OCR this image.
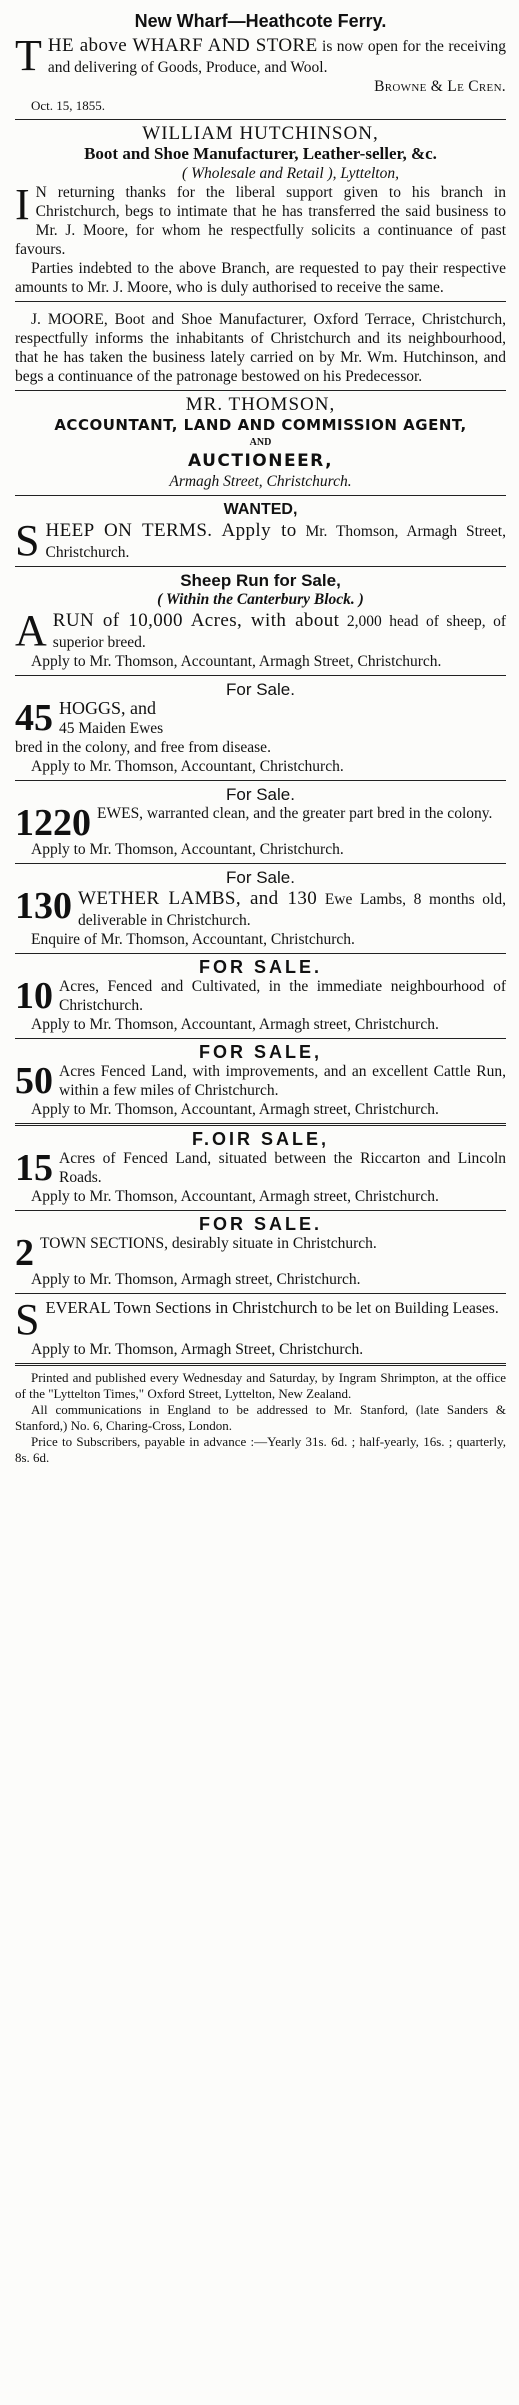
New Wharf—Heathcote Ferry.

T HE above WHARF AND STORE is now open for the receiving and delivering of Goods, Produce, and Wool.

Browne & Le Cren.
Oct. 15, 1855.
WILLIAM HUTCHINSON,
Boot and Shoe Manufacturer, Leather-seller, &c.
( Wholesale and Retail ), Lyttelton,

I N returning thanks for the liberal support given to his branch in Christchurch, begs to intimate that he has transferred the said business to Mr. J. Moore, for whom he respectfully solicits a continuance of past favours.

Parties indebted to the above Branch, are requested to pay their respective amounts to Mr. J. Moore, who is duly authorised to receive the same.

J. MOORE, Boot and Shoe Manufacturer, Oxford Terrace, Christchurch, respectfully informs the inhabitants of Christchurch and its neighbourhood, that he has taken the business lately carried on by Mr. Wm. Hutchinson, and begs a continuance of the patronage bestowed on his Predecessor.

MR. THOMSON,
ACCOUNTANT, LAND AND COMMISSION AGENT,
AND
AUCTIONEER,
Armagh Street, Christchurch.
WANTED,

S HEEP ON TERMS. Apply to Mr. Thomson, Armagh Street, Christchurch.

Sheep Run for Sale,
( Within the Canterbury Block. )

A RUN of 10,000 Acres, with about 2,000 head of sheep, of superior breed.

Apply to Mr. Thomson, Accountant, Armagh Street, Christchurch.

For Sale.

45 HOGGS, and
45 Maiden Ewes

bred in the colony, and free from disease.

Apply to Mr. Thomson, Accountant, Christchurch.

For Sale.

1220 EWES, warranted clean, and the greater part bred in the colony.

Apply to Mr. Thomson, Accountant, Christchurch.

For Sale.

130 WETHER LAMBS, and 130 Ewe Lambs, 8 months old, deliverable in Christchurch.

Enquire of Mr. Thomson, Accountant, Christchurch.

FOR SALE.

10 Acres, Fenced and Cultivated, in the immediate neighbourhood of Christchurch.

Apply to Mr. Thomson, Accountant, Armagh street, Christchurch.

FOR SALE,

50 Acres Fenced Land, with improvements, and an excellent Cattle Run, within a few miles of Christchurch.

Apply to Mr. Thomson, Accountant, Armagh street, Christchurch.

F.OIR SALE,

15 Acres of Fenced Land, situated between the Riccarton and Lincoln Roads.

Apply to Mr. Thomson, Accountant, Armagh street, Christchurch.

FOR SALE.

2 TOWN SECTIONS, desirably situate in Christchurch.

Apply to Mr. Thomson, Armagh street, Christchurch.

S EVERAL Town Sections in Christchurch to be let on Building Leases.

Apply to Mr. Thomson, Armagh Street, Christchurch.

Printed and published every Wednesday and Saturday, by Ingram Shrimpton, at the office of the "Lyttelton Times," Oxford Street, Lyttelton, New Zealand.

All communications in England to be addressed to Mr. Stanford, (late Sanders & Stanford,) No. 6, Charing-Cross, London.

Price to Subscribers, payable in advance :—Yearly 31s. 6d. ; half-yearly, 16s. ; quarterly, 8s. 6d.
